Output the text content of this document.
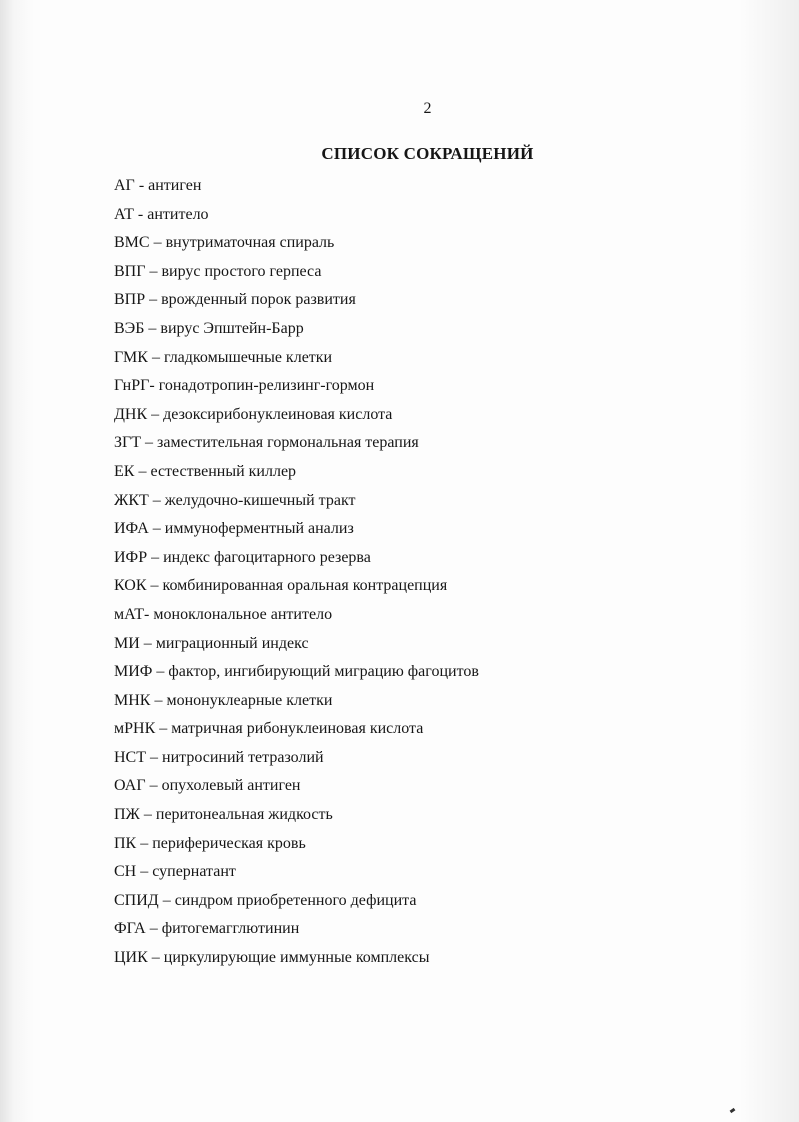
2
СПИСОК СОКРАЩЕНИЙ
АГ - антиген
АТ - антитело
ВМС – внутриматочная спираль
ВПГ – вирус простого герпеса
ВПР – врожденный порок развития
ВЭБ – вирус Эпштейн-Барр
ГМК – гладкомышечные клетки
ГнРГ- гонадотропин-релизинг-гормон
ДНК – дезоксирибонуклеиновая кислота
ЗГТ – заместительная гормональная терапия
ЕК – естественный киллер
ЖКТ – желудочно-кишечный тракт
ИФА – иммуноферментный анализ
ИФР – индекс фагоцитарного резерва
КОК – комбинированная оральная контрацепция
мАТ- моноклональное антитело
МИ – миграционный индекс
МИФ – фактор, ингибирующий миграцию фагоцитов
МНК – мононуклеарные клетки
мРНК – матричная рибонуклеиновая кислота
НСТ – нитросиний тетразолий
ОАГ – опухолевый антиген
ПЖ – перитонеальная жидкость
ПК – периферическая кровь
СН – супернатант
СПИД – синдром приобретенного дефицита
ФГА – фитогемагглютинин
ЦИК – циркулирующие иммунные комплексы
